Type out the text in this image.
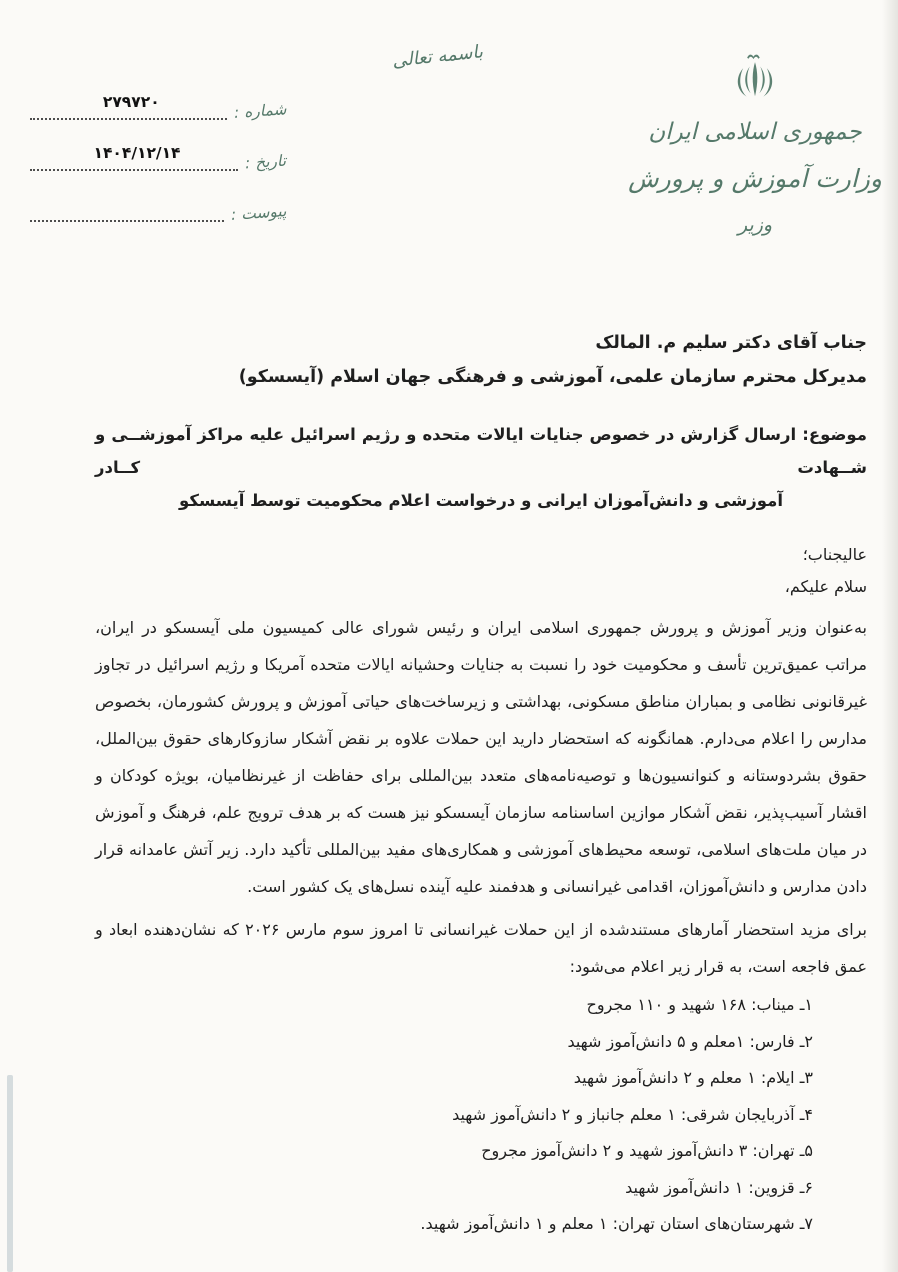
باسمه تعالی
جمهوری اسلامی ایران
وزارت آموزش و پرورش
وزیر
شماره :
۲۷۹۷۲۰
تاریخ :
۱۴۰۴/۱۲/۱۴
پیوست :
جناب آقای دکتر سلیم م. المالک
مدیرکل محترم سازمان علمی، آموزشی و فرهنگی جهان اسلام (آیسسکو)
موضوع: ارسال گزارش در خصوص جنایات ایالات متحده و رژیم اسرائیل علیه مراکز آموزشــی و شــهادت کــادر
آموزشی و دانش‌آموزان ایرانی و درخواست اعلام محکومیت توسط آیسسکو
عالیجناب؛
سلام علیکم،
به‌عنوان وزیر آموزش و پرورش جمهوری اسلامی ایران و رئیس شورای عالی کمیسیون ملی آیسسکو در ایران، مراتب عمیق‌ترین تأسف و محکومیت خود را نسبت به جنایات وحشیانه ایالات متحده آمریکا و رژیم اسرائیل در تجاوز غیرقانونی نظامی و بمباران مناطق مسکونی، بهداشتی و زیرساخت‌های حیاتی آموزش و پرورش کشورمان، بخصوص مدارس را اعلام می‌دارم. همانگونه که استحضار دارید این حملات علاوه بر نقض آشکار سازوکارهای حقوق بین‌الملل، حقوق بشردوستانه و کنوانسیون‌ها و توصیه‌نامه‌های متعدد بین‌المللی برای حفاظت از غیرنظامیان، بویژه کودکان و اقشار آسیب‌پذیر، نقض آشکار موازین اساسنامه سازمان آیسسکو نیز هست که بر هدف ترویج علم، فرهنگ و آموزش در میان ملت‌های اسلامی، توسعه محیط‌های آموزشی و همکاری‌های مفید بین‌المللی تأکید دارد. زیر آتش عامدانه قرار دادن مدارس و دانش‌آموزان، اقدامی غیرانسانی و هدفمند علیه آینده نسل‌های یک کشور است.
برای مزید استحضار آمارهای مستندشده از این حملات غیرانسانی تا امروز سوم مارس ۲۰۲۶ که نشان‌دهنده ابعاد و عمق فاجعه است، به قرار زیر اعلام می‌شود:
۱ـ میناب: ۱۶۸ شهید و ۱۱۰ مجروح
۲ـ فارس: ۱معلم و ۵ دانش‌آموز شهید
۳ـ ایلام: ۱ معلم و ۲ دانش‌آموز شهید
۴ـ آذربایجان شرقی: ۱ معلم جانباز و ۲ دانش‌آموز شهید
۵ـ تهران: ۳ دانش‌آموز شهید و ۲ دانش‌آموز مجروح
۶ـ قزوین: ۱ دانش‌آموز شهید
۷ـ شهرستان‌های استان تهران: ۱ معلم و ۱ دانش‌آموز شهید.
